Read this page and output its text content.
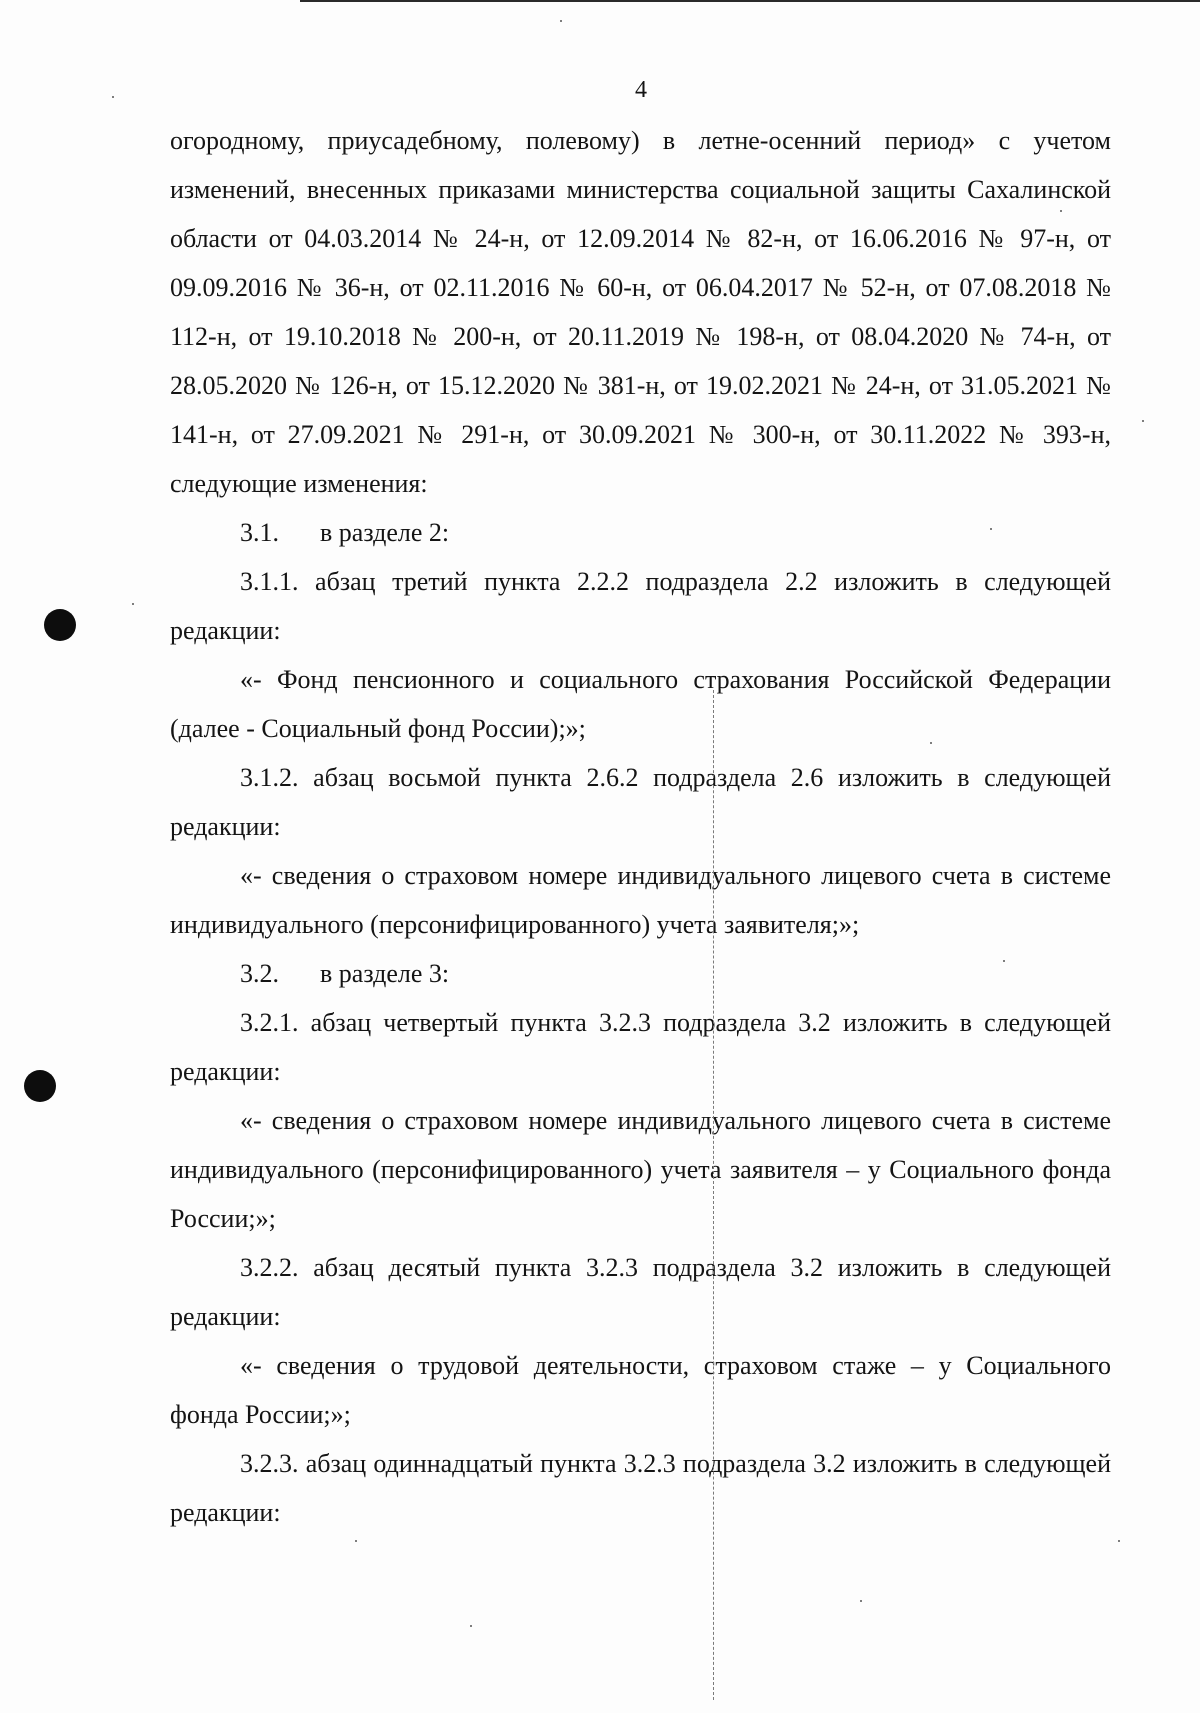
4

огородному, приусадебному, полевому) в летне-осенний период» с учетом изменений, внесенных приказами министерства социальной защиты Сахалинской области от 04.03.2014 № 24-н, от 12.09.2014 № 82-н, от 16.06.2016 № 97-н, от 09.09.2016 № 36-н, от 02.11.2016 № 60-н, от 06.04.2017 № 52-н, от 07.08.2018 № 112-н, от 19.10.2018 № 200-н, от 20.11.2019 № 198-н, от 08.04.2020 № 74-н, от 28.05.2020 № 126-н, от 15.12.2020 № 381-н, от 19.02.2021 № 24-н, от 31.05.2021 № 141-н, от 27.09.2021 № 291-н, от 30.09.2021 № 300-н, от 30.11.2022 № 393-н, следующие изменения:

3.1. в разделе 2:

3.1.1. абзац третий пункта 2.2.2 подраздела 2.2 изложить в следующей редакции:

«- Фонд пенсионного и социального страхования Российской Федерации (далее - Социальный фонд России);»;

3.1.2. абзац восьмой пункта 2.6.2 подраздела 2.6 изложить в следующей редакции:

«- сведения о страховом номере индивидуального лицевого счета в системе индивидуального (персонифицированного) учета заявителя;»;

3.2. в разделе 3:

3.2.1. абзац четвертый пункта 3.2.3 подраздела 3.2 изложить в следующей редакции:

«- сведения о страховом номере индивидуального лицевого счета в системе индивидуального (персонифицированного) учета заявителя – у Социального фонда России;»;

3.2.2. абзац десятый пункта 3.2.3 подраздела 3.2 изложить в следующей редакции:

«- сведения о трудовой деятельности, страховом стаже – у Социального фонда России;»;

3.2.3. абзац одиннадцатый пункта 3.2.3 подраздела 3.2 изложить в следующей редакции:
